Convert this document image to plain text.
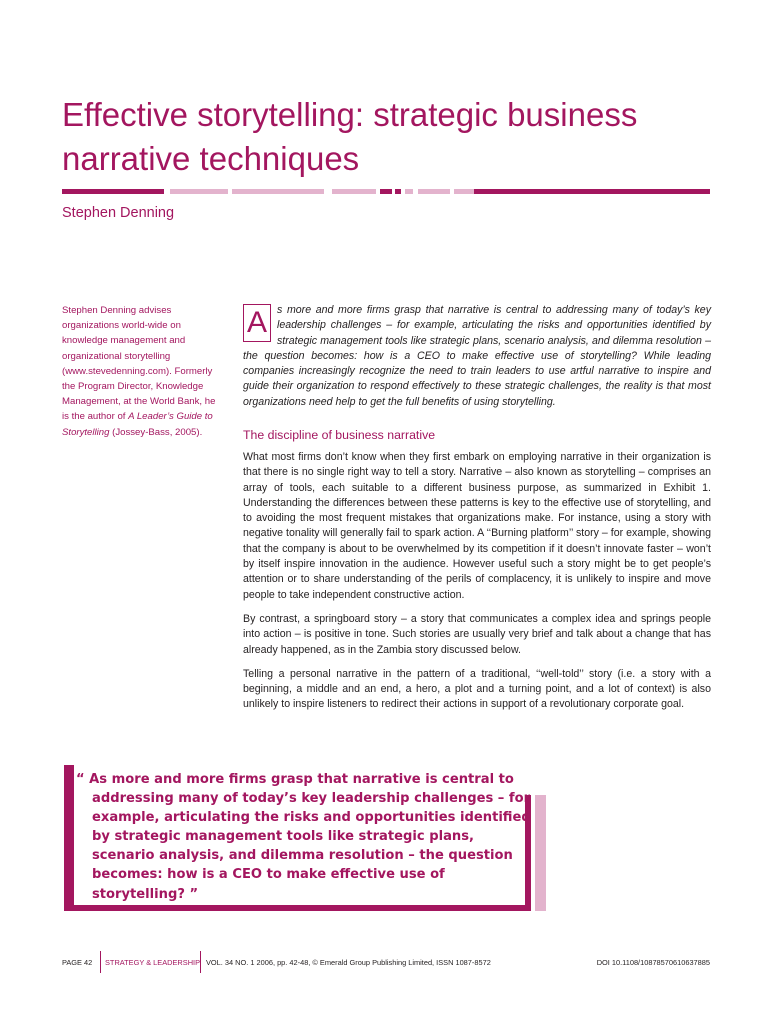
Effective storytelling: strategic business narrative techniques
Stephen Denning
Stephen Denning advises organizations world-wide on knowledge management and organizational storytelling (www.stevedenning.com). Formerly the Program Director, Knowledge Management, at the World Bank, he is the author of A Leader’s Guide to Storytelling (Jossey-Bass, 2005).
A s more and more firms grasp that narrative is central to addressing many of today’s key leadership challenges – for example, articulating the risks and opportunities identified by strategic management tools like strategic plans, scenario analysis, and dilemma resolution – the question becomes: how is a CEO to make effective use of storytelling? While leading companies increasingly recognize the need to train leaders to use artful narrative to inspire and guide their organization to respond effectively to these strategic challenges, the reality is that most organizations need help to get the full benefits of using storytelling.
The discipline of business narrative

What most firms don’t know when they first embark on employing narrative in their organization is that there is no single right way to tell a story. Narrative – also known as storytelling – comprises an array of tools, each suitable to a different business purpose, as summarized in Exhibit 1. Understanding the differences between these patterns is key to the effective use of storytelling, and to avoiding the most frequent mistakes that organizations make. For instance, using a story with negative tonality will generally fail to spark action. A ‘‘Burning platform’’ story – for example, showing that the company is about to be overwhelmed by its competition if it doesn’t innovate faster – won’t by itself inspire innovation in the audience. However useful such a story might be to get people’s attention or to share understanding of the perils of complacency, it is unlikely to inspire and move people to take independent constructive action.

By contrast, a springboard story – a story that communicates a complex idea and springs people into action – is positive in tone. Such stories are usually very brief and talk about a change that has already happened, as in the Zambia story discussed below.

Telling a personal narrative in the pattern of a traditional, ‘‘well-told’’ story (i.e. a story with a beginning, a middle and an end, a hero, a plot and a turning point, and a lot of context) is also unlikely to inspire listeners to redirect their actions in support of a revolutionary corporate goal.

“ As more and more firms grasp that narrative is central to addressing many of today’s key leadership challenges – for example, articulating the risks and opportunities identified by strategic management tools like strategic plans, scenario analysis, and dilemma resolution – the question becomes: how is a CEO to make effective use of storytelling? ”
PAGE 42 STRATEGY & LEADERSHIP VOL. 34 NO. 1 2006, pp. 42-48, © Emerald Group Publishing Limited, ISSN 1087-8572	DOI 10.1108/10878570610637885
